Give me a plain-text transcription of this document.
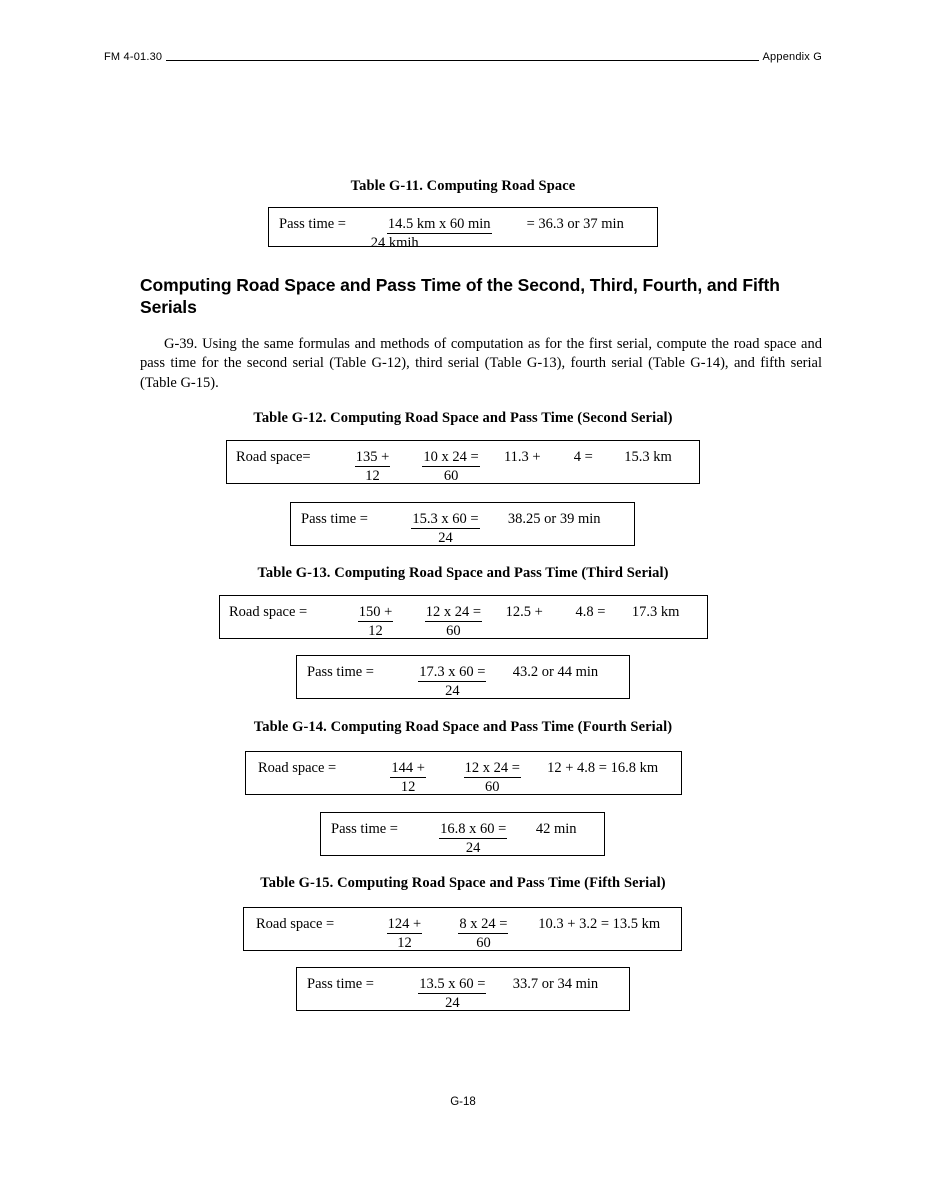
FM 4-01.30	Appendix G
Table G-11. Computing Road Space
Pass time = $\frac{\text{14.5 km x 60 min}}{\text{24 kmih}} = 36.3$ or 37 min
Computing Road Space and Pass Time of the Second, Third, Fourth, and Fifth Serials
G-39. Using the same formulas and methods of computation as for the first serial, compute the road space and pass time for the second serial (Table G-12), third serial (Table G-13), fourth serial (Table G-14), and fifth serial (Table G-15).
Table G-12. Computing Road Space and Pass Time (Second Serial)
Road space= $\frac{135 +}{12} \frac{10 x 24 =}{60} 11.3 + 4 = 15.3$ km
Pass time = $\frac{15.3 x 60 =}{24} 38.25$ or 39 min
Table G-13. Computing Road Space and Pass Time (Third Serial)
Road space = $\frac{150 +}{12} \frac{12 x 24 =}{60} 12.5 + 4.8 = 17.3$ km
Pass time = $\frac{17.3 x 60 =}{24} 43.2$ or 44 min
Table G-14. Computing Road Space and Pass Time (Fourth Serial)
Road space = $\frac{144 +}{12} \frac{12 x 24 =}{60} 12 + 4.8 = 16.8$ km
Pass time = $\frac{16.8 x 60 =}{24} 42$ min
Table G-15. Computing Road Space and Pass Time (Fifth Serial)
Road space = $\frac{124 +}{12} \frac{8 x 24 =}{60} 10.3 + 3.2 = 13.5$ km
Pass time = $\frac{13.5 x 60 =}{24} 33.7$ or 34 min
G-18
